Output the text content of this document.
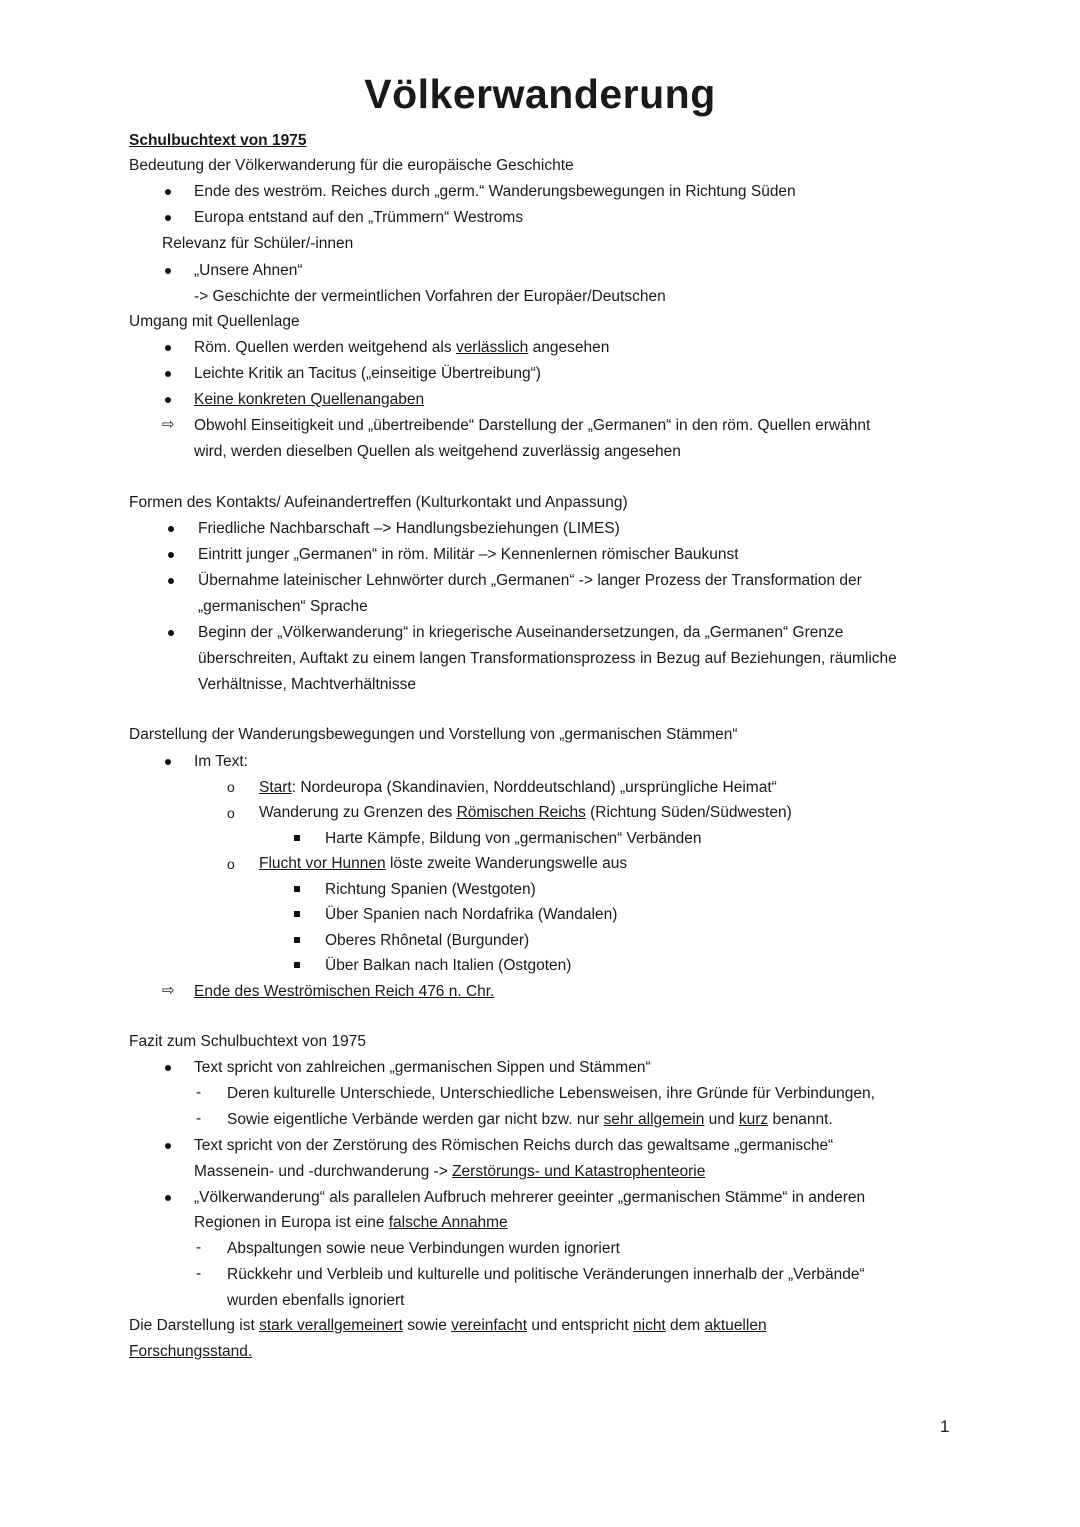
Völkerwanderung
Schulbuchtext von 1975
Bedeutung der Völkerwanderung für die europäische Geschichte
Ende des weström. Reiches durch „germ.“ Wanderungsbewegungen in Richtung Süden
Europa entstand auf den „Trümmern“ Westroms
Relevanz für Schüler/-innen
„Unsere Ahnen“
-> Geschichte der vermeintlichen Vorfahren der Europäer/Deutschen
Umgang mit Quellenlage
Röm. Quellen werden weitgehend als verlässlich angesehen
Leichte Kritik an Tacitus („einseitige Übertreibung“)
Keine konkreten Quellenangaben
⇨ Obwohl Einseitigkeit und „übertreibende“ Darstellung der „Germanen“ in den röm. Quellen erwähnt
wird, werden dieselben Quellen als weitgehend zuverlässig angesehen
Formen des Kontakts/ Aufeinandertreffen (Kulturkontakt und Anpassung)
Friedliche Nachbarschaft –> Handlungsbeziehungen (LIMES)
Eintritt junger „Germanen“ in röm. Militär –> Kennenlernen römischer Baukunst
Übernahme lateinischer Lehnwörter durch „Germanen“ -> langer Prozess der Transformation der
„germanischen“ Sprache
Beginn der „Völkerwanderung“ in kriegerische Auseinandersetzungen, da „Germanen“ Grenze
überschreiten, Auftakt zu einem langen Transformationsprozess in Bezug auf Beziehungen, räumliche
Verhältnisse, Machtverhältnisse
Darstellung der Wanderungsbewegungen und Vorstellung von „germanischen Stämmen“
Im Text:
o Start: Nordeuropa (Skandinavien, Norddeutschland) „ursprüngliche Heimat“
o Wanderung zu Grenzen des Römischen Reichs (Richtung Süden/Südwesten)
Harte Kämpfe, Bildung von „germanischen“ Verbänden
o Flucht vor Hunnen löste zweite Wanderungswelle aus
Richtung Spanien (Westgoten)
Über Spanien nach Nordafrika (Wandalen)
Oberes Rhônetal (Burgunder)
Über Balkan nach Italien (Ostgoten)
⇨ Ende des Weströmischen Reich 476 n. Chr.
Fazit zum Schulbuchtext von 1975
Text spricht von zahlreichen „germanischen Sippen und Stämmen“
- Deren kulturelle Unterschiede, Unterschiedliche Lebensweisen, ihre Gründe für Verbindungen,
- Sowie eigentliche Verbände werden gar nicht bzw. nur sehr allgemein und kurz benannt.
Text spricht von der Zerstörung des Römischen Reichs durch das gewaltsame „germanische“
Massenein- und -durchwanderung -> Zerstörungs- und Katastrophenteorie
„Völkerwanderung“ als parallelen Aufbruch mehrerer geeinter „germanischen Stämme“ in anderen
Regionen in Europa ist eine falsche Annahme
- Abspaltungen sowie neue Verbindungen wurden ignoriert
- Rückkehr und Verbleib und kulturelle und politische Veränderungen innerhalb der „Verbände“
wurden ebenfalls ignoriert
Die Darstellung ist stark verallgemeinert sowie vereinfacht und entspricht nicht dem aktuellen
Forschungsstand.
1
